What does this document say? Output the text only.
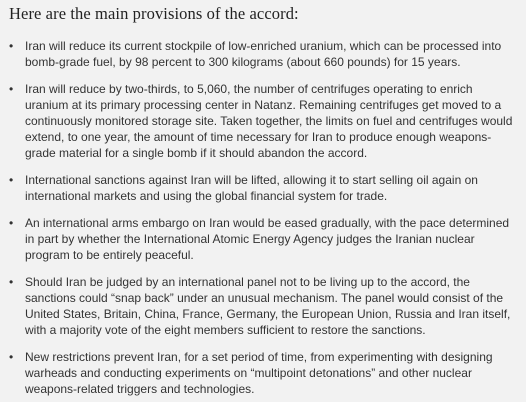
Here are the main provisions of the accord:
• Iran will reduce its current stockpile of low-enriched uranium, which can be processed into bomb-grade fuel, by 98 percent to 300 kilograms (about 660 pounds) for 15 years.
• Iran will reduce by two-thirds, to 5,060, the number of centrifuges operating to enrich uranium at its primary processing center in Natanz. Remaining centrifuges get moved to a continuously monitored storage site. Taken together, the limits on fuel and centrifuges would extend, to one year, the amount of time necessary for Iran to produce enough weapons-grade material for a single bomb if it should abandon the accord.
• International sanctions against Iran will be lifted, allowing it to start selling oil again on international markets and using the global financial system for trade.
• An international arms embargo on Iran would be eased gradually, with the pace determined in part by whether the International Atomic Energy Agency judges the Iranian nuclear program to be entirely peaceful.
• Should Iran be judged by an international panel not to be living up to the accord, the sanctions could “snap back” under an unusual mechanism. The panel would consist of the United States, Britain, China, France, Germany, the European Union, Russia and Iran itself, with a majority vote of the eight members sufficient to restore the sanctions.
• New restrictions prevent Iran, for a set period of time, from experimenting with designing warheads and conducting experiments on “multipoint detonations” and other nuclear weapons-related triggers and technologies.
